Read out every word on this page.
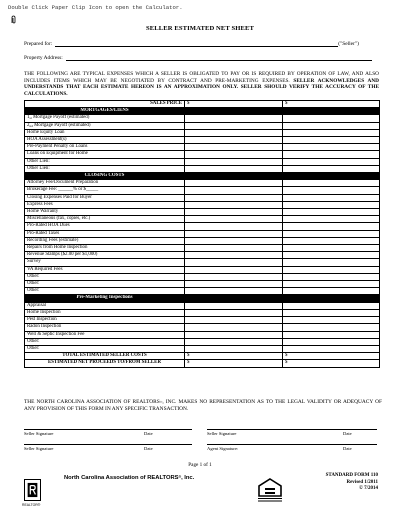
Double Click Paper Clip Icon to open the Calculator.
SELLER ESTIMATED NET SHEET
Prepared for:	("Seller")
Property Address:
THE FOLLOWING ARE TYPICAL EXPENSES WHICH A SELLER IS OBLIGATED TO PAY OR IS REQUIRED BY OPERATION OF LAW, AND ALSO INCLUDES ITEMS WHICH MAY BE NEGOTIATED BY CONTRACT AND PRE-MARKETING EXPENSES. SELLER ACKNOWLEDGES AND UNDERSTANDS THAT EACH ESTIMATE HEREON IS AN APPROXIMATION ONLY. SELLER SHOULD VERIFY THE ACCURACY OF THE CALCULATIONS.
SALES PRICE	$	$
MORTGAGES/LIENS		
1st Mortgage Payoff (estimated)		
2nd Mortgage Payoff (estimated)		
Home Equity Loan		
HOA Assessment(s)		
Pre-Payment Penalty on Loans		
Loans on Equipment for Home		
Other Lien:		
Other Lien:		
CLOSING COSTS		
Attorney Fee/Document Preparation		
Brokerage Fee: ______% or $_____		
Closing Expenses Paid for Buyer		
Express Fees		
Home Warranty		
Miscellaneous (fax, copies, etc.)		
Pro-Rated HOA Dues		
Pro-Rated Taxes		
Recording Fees (estimate)		
Repairs from Home Inspection		
Revenue Stamps ($2.00 per $1,000)		
Survey		
VA Required Fees		
Other:		
Other:		
Other:		
Pre-Marketing Inspections		
Appraisal		
Home Inspection		
Pest Inspection		
Radon Inspection		
Well & Septic Inspection Fee		
Other:		
Other:		
TOTAL ESTIMATED SELLER COSTS	$	$
ESTIMATED NET PROCEEDS TO/FROM SELLER	$	$
THE NORTH CAROLINA ASSOCIATION OF REALTORS®, INC. MAKES NO REPRESENTATION AS TO THE LEGAL VALIDITY OR ADEQUACY OF ANY PROVISION OF THIS FORM IN ANY SPECIFIC TRANSACTION.
Seller Signature	Date	Seller Signature	Date
Seller Signature	Date	Agent Signature:	Date
Page 1 of 1
North Carolina Association of REALTORS®, Inc.
REALTOR®
STANDARD FORM 110
Revised 1/2011
© 7/2014
